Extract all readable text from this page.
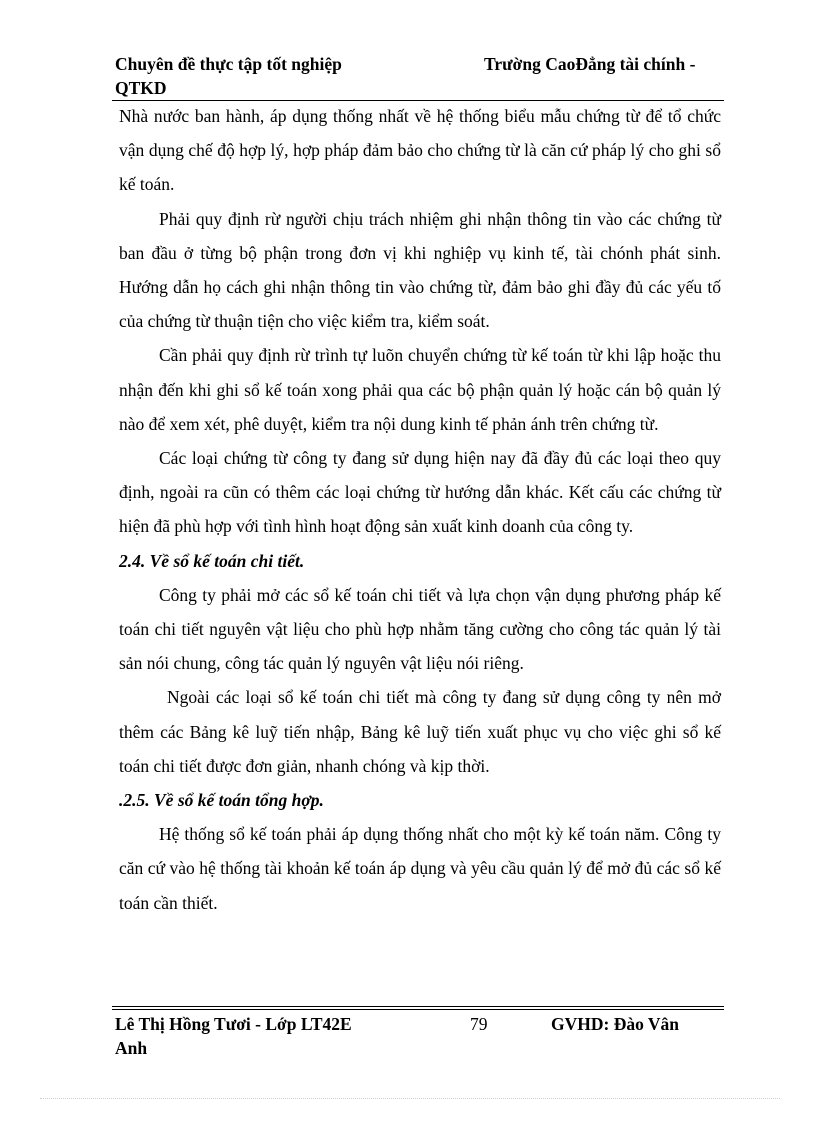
Chuyên đề thực tập tốt nghiệp	Trường CaoĐẳng tài chính -
QTKD

Nhà nước ban hành, áp dụng thống nhất về hệ thống biểu mẫu chứng từ để tổ chức vận dụng chế độ hợp lý, hợp pháp đảm bảo cho chứng từ là căn cứ pháp lý cho ghi sổ kế toán.

Phải quy định rừ người chịu trách nhiệm ghi nhận thông tin vào các chứng từ ban đầu ở từng bộ phận trong đơn vị khi nghiệp vụ kinh tế, tài chónh phát sinh. Hướng dẫn họ cách ghi nhận thông tin vào chứng từ, đảm bảo ghi đầy đủ các yếu tố của chứng từ thuận tiện cho việc kiểm tra, kiểm soát.

Cần phải quy định rừ trình tự luõn chuyển chứng từ kế toán từ khi lập hoặc thu nhận đến khi ghi sổ kế toán xong phải qua các bộ phận quản lý hoặc cán bộ quản lý nào để xem xét, phê duyệt, kiểm tra nội dung kinh tế phản ánh trên chứng từ.

Các loại chứng từ công ty đang sử dụng hiện nay đã đầy đủ các loại theo quy định, ngoài ra cũn có thêm các loại chứng từ hướng dẫn khác. Kết cấu các chứng từ hiện đã phù hợp với tình hình hoạt động sản xuất kinh doanh của công ty.

2.4. Về sổ kế toán chi tiết.

Công ty phải mở các sổ kế toán chi tiết và lựa chọn vận dụng phương pháp kế toán chi tiết nguyên vật liệu cho phù hợp nhằm tăng cường cho công tác quản lý tài sản nói chung, công tác quản lý nguyên vật liệu nói riêng.

Ngoài các loại sổ kế toán chi tiết mà công ty đang sử dụng công ty nên mở thêm các Bảng kê luỹ tiến nhập, Bảng kê luỹ tiến xuất phục vụ cho việc ghi sổ kế toán chi tiết được đơn giản, nhanh chóng và kịp thời.

.2.5. Về sổ kế toán tổng hợp.

Hệ thống sổ kế toán phải áp dụng thống nhất cho một kỳ kế toán năm. Công ty căn cứ vào hệ thống tài khoản kế toán áp dụng và yêu cầu quản lý để mở đủ các sổ kế toán cần thiết.

Lê Thị Hồng Tươi - Lớp LT42E	79	GVHD: Đào Vân
Anh
